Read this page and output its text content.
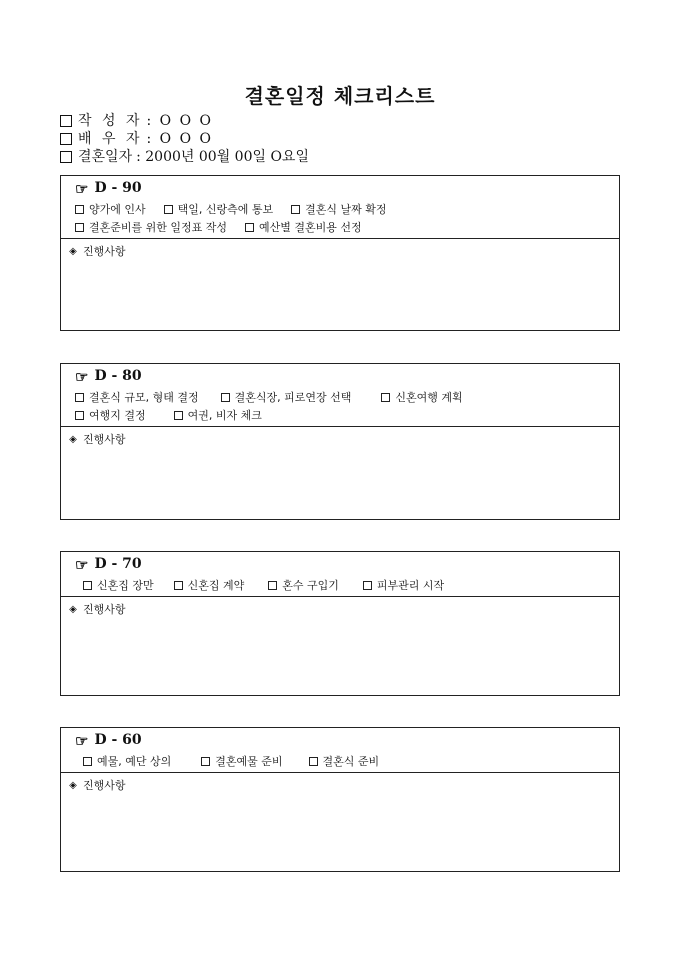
결혼일정 체크리스트
작 성 자 : O O O
배 우 자 : O O O
결혼일자 : 2000년 00월 00일 O요일
☞ D - 90
양가에 인사	택일, 신랑측에 통보	결혼식 날짜 확정
결혼준비를 위한 일정표 작성	예산별 결혼비용 선정
◈ 진행사항
☞ D - 80
결혼식 규모, 형태 결정	결혼식장, 피로연장 선택	신혼여행 계획
여행지 결정	여권, 비자 체크
◈ 진행사항
☞ D - 70
신혼집 장만	신혼집 계약	혼수 구입기	피부관리 시작
◈ 진행사항
☞ D - 60
예물, 예단 상의	결혼예물 준비	결혼식 준비
◈ 진행사항
